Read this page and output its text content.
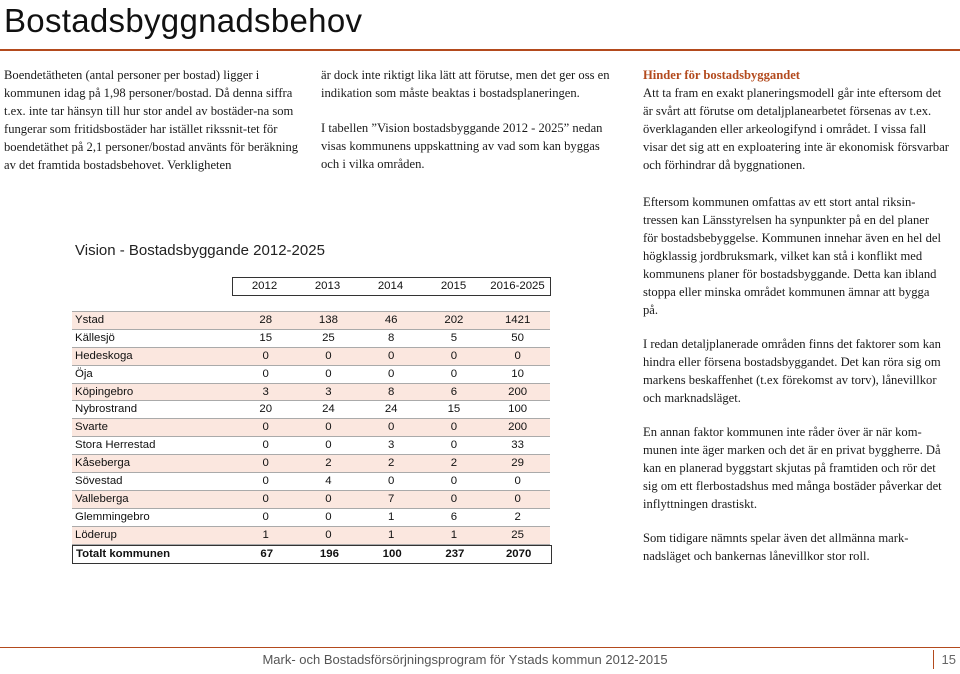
Bostadsbyggnadsbehov

Boendetätheten (antal personer per bostad) ligger i kommunen idag på 1,98 personer/bostad. Då denna siffra t.ex. inte tar hänsyn till hur stor andel av bostäder-na som fungerar som fritidsbostäder har istället rikssnit-tet för boendetäthet på 2,1 personer/bostad använts för beräkning av det framtida bostadsbehovet. Verkligheten

är dock inte riktigt lika lätt att förutse, men det ger oss en indikation som måste beaktas i bostadsplaneringen.

I tabellen ”Vision bostadsbyggande 2012 - 2025” nedan visas kommunens uppskattning av vad som kan byggas och i vilka områden.

Hinder för bostadsbyggandet

Att ta fram en exakt planeringsmodell går inte eftersom det är svårt att förutse om detaljplanearbetet försenas av t.ex. överklaganden eller arkeologifynd i området. I vissa fall visar det sig att en exploatering inte är ekonomisk försvarbar och förhindrar då byggnationen.

Eftersom kommunen omfattas av ett stort antal riksin-tressen kan Länsstyrelsen ha synpunkter på en del planer för bostadsbebyggelse. Kommunen innehar även en hel del högklassig jordbruksmark, vilket kan stå i konflikt med kommunens planer för bostadsbyggande. Detta kan ibland stoppa eller minska området kommunen ämnar att bygga på.

I redan detaljplanerade områden finns det faktorer som kan hindra eller försena bostadsbyggandet. Det kan röra sig om markens beskaffenhet (t.ex förekomst av torv), lånevillkor och marknadsläget.

En annan faktor kommunen inte råder över är när kom-munen inte äger marken och det är en privat byggherre. Då kan en planerad byggstart skjutas på framtiden och rör det sig om ett flerbostadshus med många bostäder påverkar det inflyttningen drastiskt.

Som tidigare nämnts spelar även det allmänna mark-nadsläget och bankernas lånevillkor stor roll.

Vision - Bostadsbyggande 2012-2025
2012	2013	2014	2015	2016-2025
Ystad	28	138	46	202	1421
Källesjö	15	25	8	5	50
Hedeskoga	0	0	0	0	0
Öja	0	0	0	0	10
Köpingebro	3	3	8	6	200
Nybrostrand	20	24	24	15	100
Svarte	0	0	0	0	200
Stora Herrestad	0	0	3	0	33
Kåseberga	0	2	2	2	29
Sövestad	0	4	0	0	0
Valleberga	0	0	7	0	0
Glemmingebro	0	0	1	6	2
Löderup	1	0	1	1	25
Totalt kommunen	67	196	100	237	2070
Mark- och Bostadsförsörjningsprogram för Ystads kommun 2012-2015	15
